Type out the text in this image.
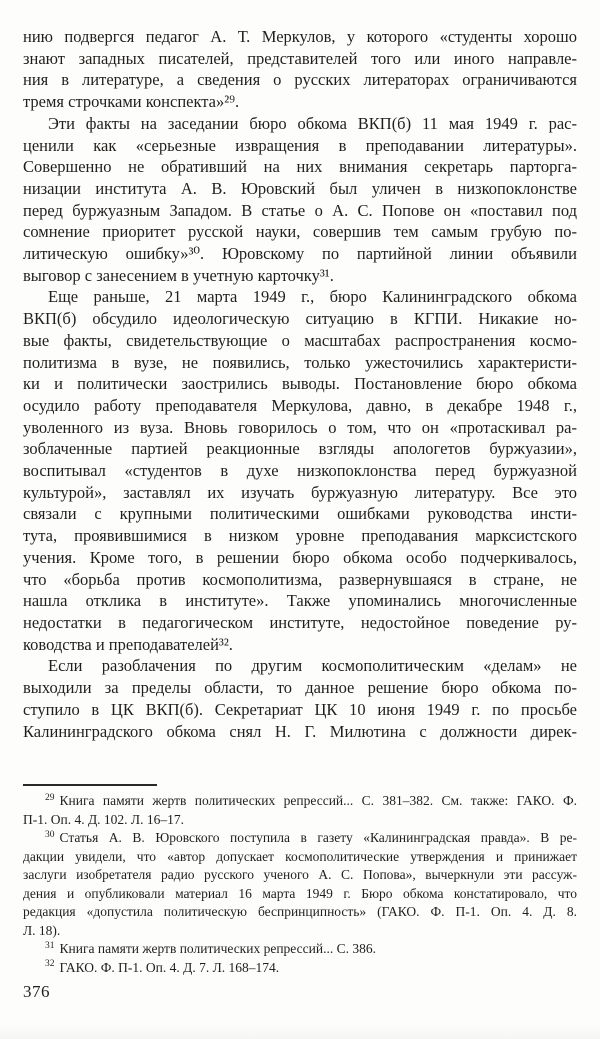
нию подвергся педагог А. Т. Меркулов, у которого «студенты хорошо
знают западных писателей, представителей того или иного направле-
ния в литературе, а сведения о русских литераторах ограничиваются
тремя строчками конспекта»²⁹.
Эти факты на заседании бюро обкома ВКП(б) 11 мая 1949 г. рас-
ценили как «серьезные извращения в преподавании литературы».
Совершенно не обративший на них внимания секретарь парторга-
низации института А. В. Юровский был уличен в низкопоклонстве
перед буржуазным Западом. В статье о А. С. Попове он «поставил под
сомнение приоритет русской науки, совершив тем самым грубую по-
литическую ошибку»³⁰. Юровскому по партийной линии объявили
выговор с занесением в учетную карточку³¹.
Еще раньше, 21 марта 1949 г., бюро Калининградского обкома
ВКП(б) обсудило идеологическую ситуацию в КГПИ. Никакие но-
вые факты, свидетельствующие о масштабах распространения космо-
политизма в вузе, не появились, только ужесточились характеристи-
ки и политически заострились выводы. Постановление бюро обкома
осудило работу преподавателя Меркулова, давно, в декабре 1948 г.,
уволенного из вуза. Вновь говорилось о том, что он «протаскивал ра-
зоблаченные партией реакционные взгляды апологетов буржуазии»,
воспитывал «студентов в духе низкопоклонства перед буржуазной
культурой», заставлял их изучать буржуазную литературу. Все это
связали с крупными политическими ошибками руководства инсти-
тута, проявившимися в низком уровне преподавания марксистского
учения. Кроме того, в решении бюро обкома особо подчеркивалось,
что «борьба против космополитизма, развернувшаяся в стране, не
нашла отклика в институте». Также упоминались многочисленные
недостатки в педагогическом институте, недостойное поведение ру-
ководства и преподавателей³².
Если разоблачения по другим космополитическим «делам» не
выходили за пределы области, то данное решение бюро обкома по-
ступило в ЦК ВКП(б). Секретариат ЦК 10 июня 1949 г. по просьбе
Калининградского обкома снял Н. Г. Милютина с должности дирек-
$^{29}$ Книга памяти жертв политических репрессий... С. 381–382. См. также: ГАКО. Ф.
П-1. Оп. 4. Д. 102. Л. 16–17.
$^{30}$ Статья А. В. Юровского поступила в газету «Калининградская правда». В ре-
дакции увидели, что «автор допускает космополитические утверждения и принижает
заслуги изобретателя радио русского ученого А. С. Попова», вычеркнули эти рассуж-
дения и опубликовали материал 16 марта 1949 г. Бюро обкома констатировало, что
редакция «допустила политическую беспринципность» (ГАКО. Ф. П-1. Оп. 4. Д. 8.
Л. 18).
$^{31}$ Книга памяти жертв политических репрессий... С. 386.
$^{32}$ ГАКО. Ф. П-1. Оп. 4. Д. 7. Л. 168–174.
376
